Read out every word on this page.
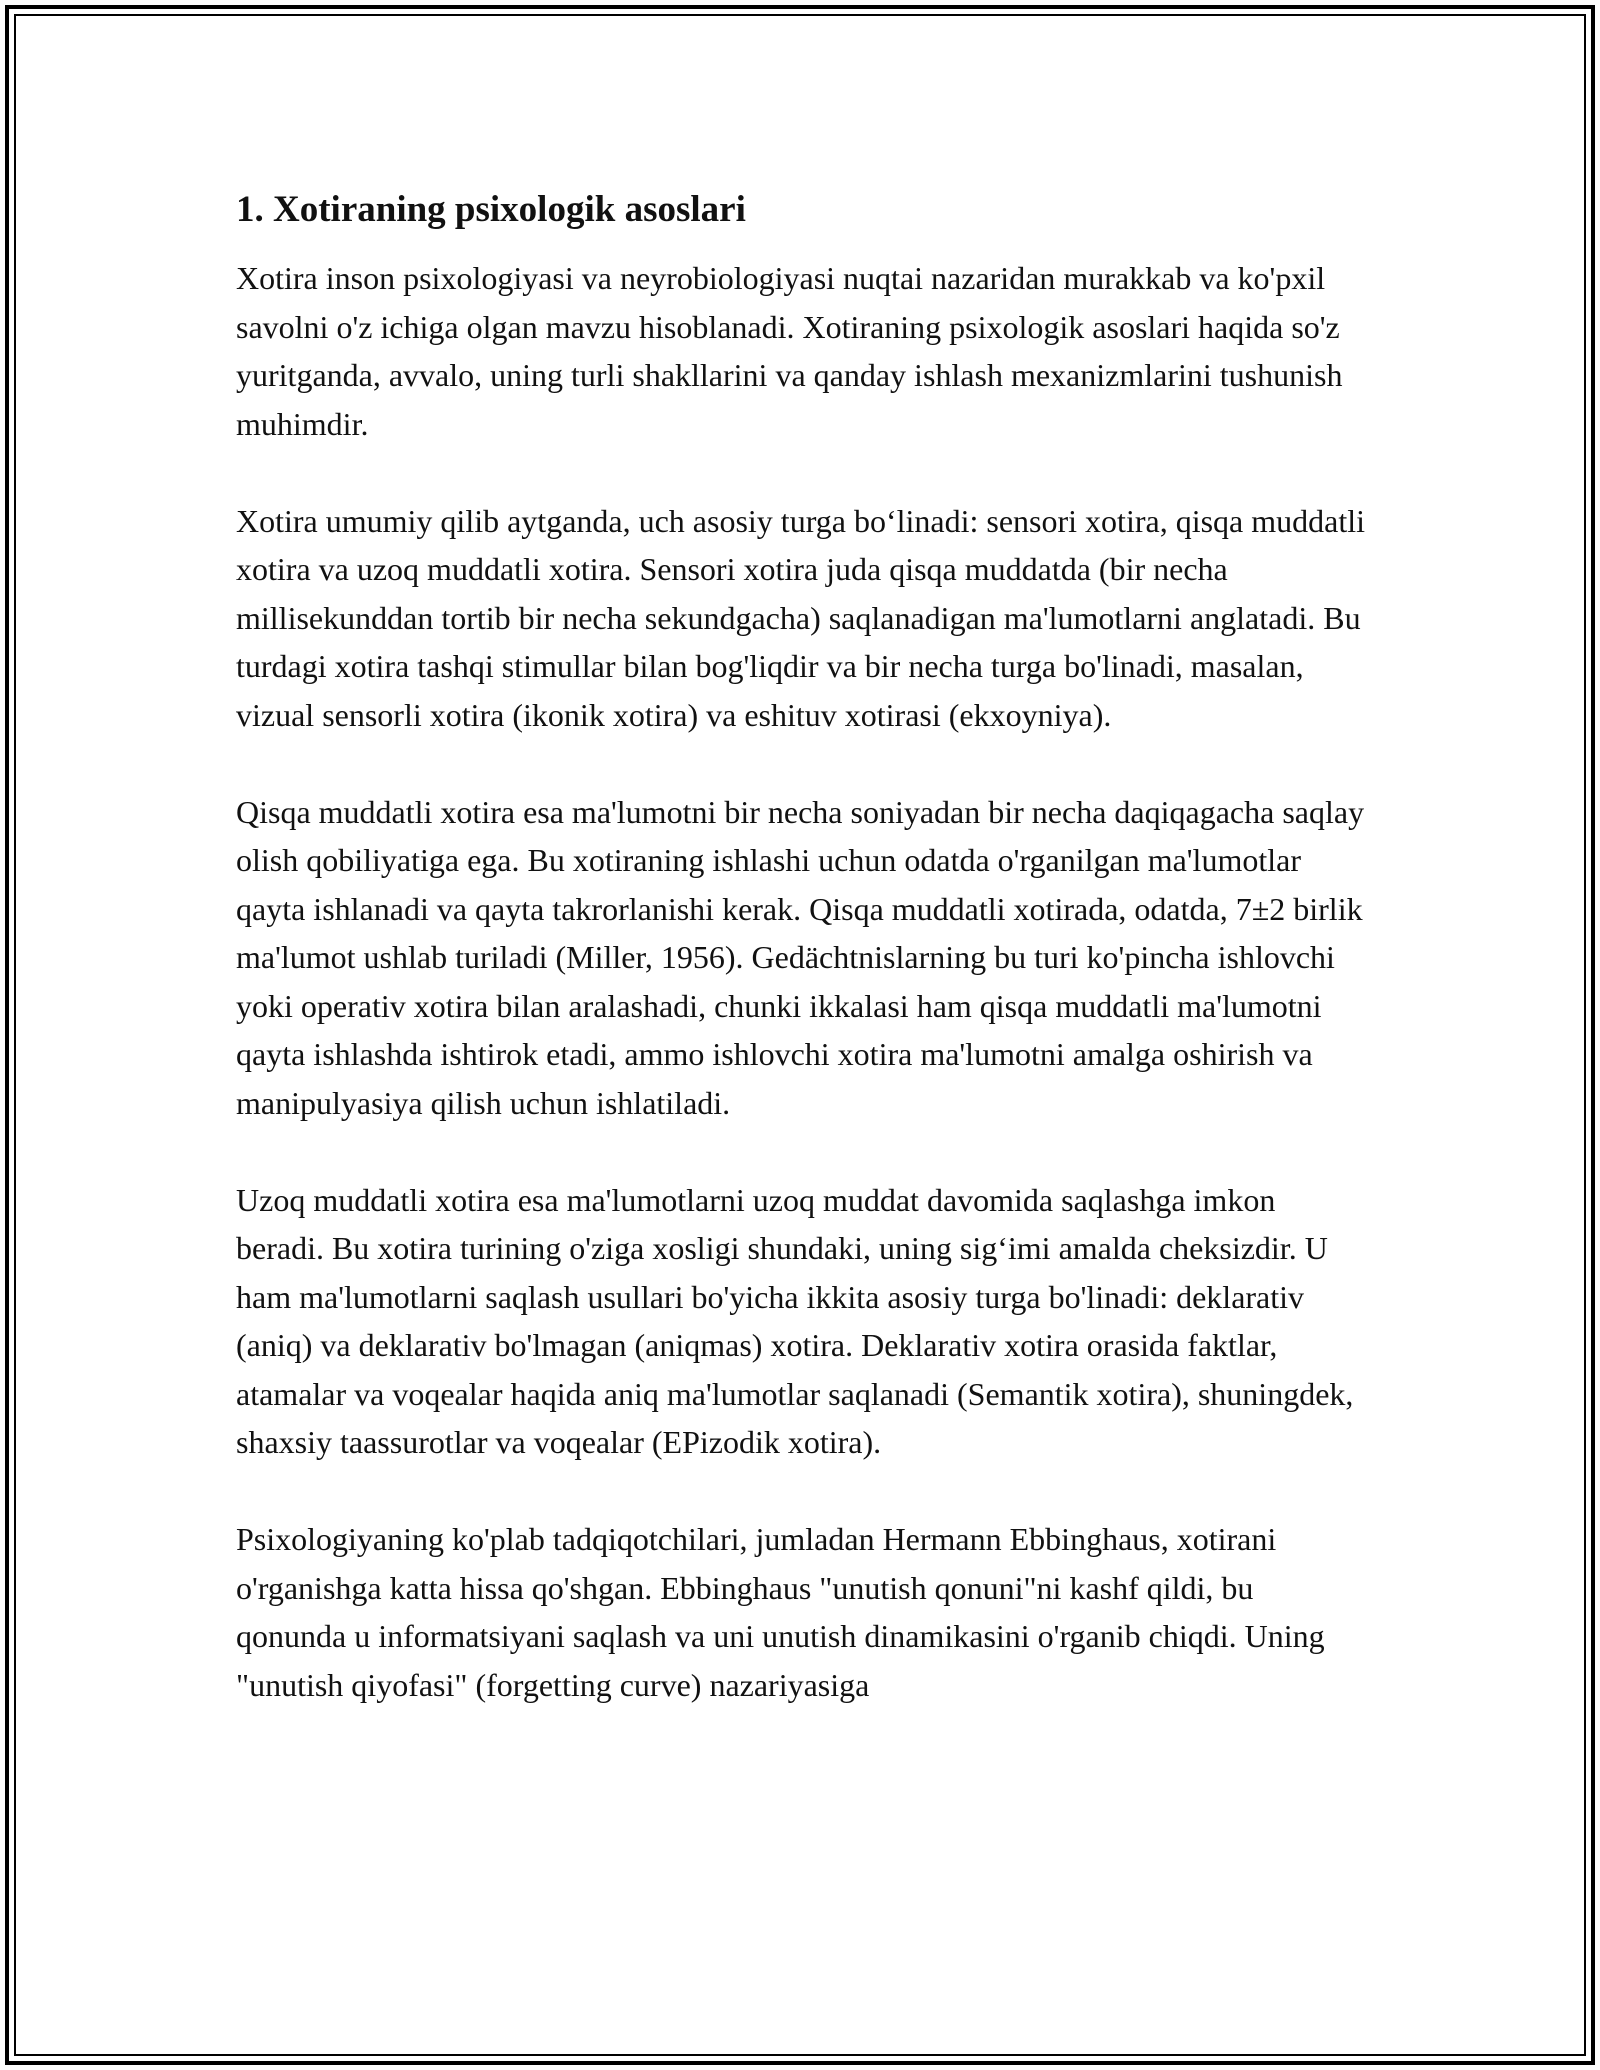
1. Xotiraning psixologik asoslari

Xotira inson psixologiyasi va neyrobiologiyasi nuqtai nazaridan murakkab va ko'pxil savolni o'z ichiga olgan mavzu hisoblanadi. Xotiraning psixologik asoslari haqida so'z yuritganda, avvalo, uning turli shakllarini va qanday ishlash mexanizmlarini tushunish muhimdir.

Xotira umumiy qilib aytganda, uch asosiy turga bo‘linadi: sensori xotira, qisqa muddatli xotira va uzoq muddatli xotira. Sensori xotira juda qisqa muddatda (bir necha millisekunddan tortib bir necha sekundgacha) saqlanadigan ma'lumotlarni anglatadi. Bu turdagi xotira tashqi stimullar bilan bog'liqdir va bir necha turga bo'linadi, masalan, vizual sensorli xotira (ikonik xotira) va eshituv xotirasi (ekxoyniya).

Qisqa muddatli xotira esa ma'lumotni bir necha soniyadan bir necha daqiqagacha saqlay olish qobiliyatiga ega. Bu xotiraning ishlashi uchun odatda o'rganilgan ma'lumotlar qayta ishlanadi va qayta takrorlanishi kerak. Qisqa muddatli xotirada, odatda, 7±2 birlik ma'lumot ushlab turiladi (Miller, 1956). Gedächtnislarning bu turi ko'pincha ishlovchi yoki operativ xotira bilan aralashadi, chunki ikkalasi ham qisqa muddatli ma'lumotni qayta ishlashda ishtirok etadi, ammo ishlovchi xotira ma'lumotni amalga oshirish va manipulyasiya qilish uchun ishlatiladi.

Uzoq muddatli xotira esa ma'lumotlarni uzoq muddat davomida saqlashga imkon beradi. Bu xotira turining o'ziga xosligi shundaki, uning sig‘imi amalda cheksizdir. U ham ma'lumotlarni saqlash usullari bo'yicha ikkita asosiy turga bo'linadi: deklarativ (aniq) va deklarativ bo'lmagan (aniqmas) xotira. Deklarativ xotira orasida faktlar, atamalar va voqealar haqida aniq ma'lumotlar saqlanadi (Semantik xotira), shuningdek, shaxsiy taassurotlar va voqealar (EPizodik xotira).

Psixologiyaning ko'plab tadqiqotchilari, jumladan Hermann Ebbinghaus, xotirani o'rganishga katta hissa qo'shgan. Ebbinghaus "unutish qonuni"ni kashf qildi, bu qonunda u informatsiyani saqlash va uni unutish dinamikasini o'rganib chiqdi. Uning "unutish qiyofasi" (forgetting curve) nazariyasiga
